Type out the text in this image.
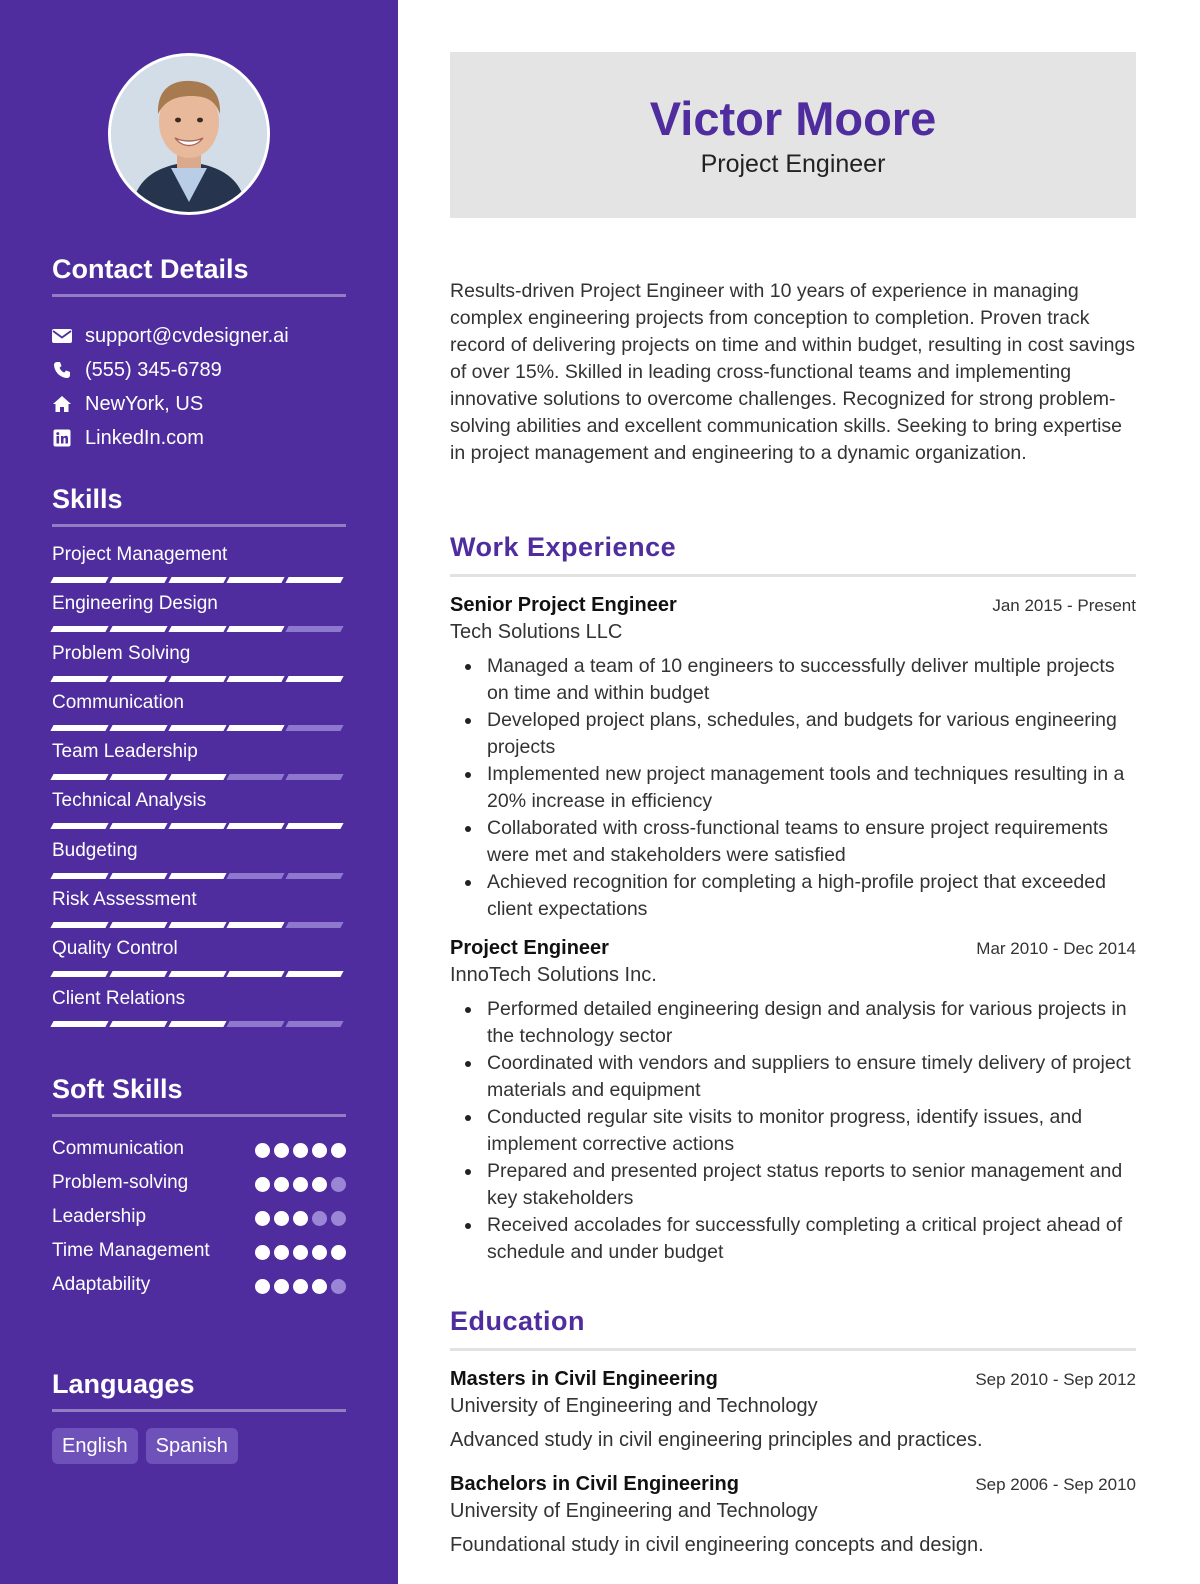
Contact Details
support@cvdesigner.ai
(555) 345-6789
NewYork, US
LinkedIn.com
Skills
Project Management
Engineering Design
Problem Solving
Communication
Team Leadership
Technical Analysis
Budgeting
Risk Assessment
Quality Control
Client Relations
Soft Skills
Communication
Problem-solving
Leadership
Time Management
Adaptability
Languages
English	Spanish
Victor Moore
Project Engineer

Results-driven Project Engineer with 10 years of experience in managing complex engineering projects from conception to completion. Proven track record of delivering projects on time and within budget, resulting in cost savings of over 15%. Skilled in leading cross-functional teams and implementing innovative solutions to overcome challenges. Recognized for strong problem-solving abilities and excellent communication skills. Seeking to bring expertise in project management and engineering to a dynamic organization.

Work Experience
Senior Project Engineer	Jan 2015 - Present
Tech Solutions LLC
Managed a team of 10 engineers to successfully deliver multiple projects on time and within budget
Developed project plans, schedules, and budgets for various engineering projects
Implemented new project management tools and techniques resulting in a 20% increase in efficiency
Collaborated with cross-functional teams to ensure project requirements were met and stakeholders were satisfied
Achieved recognition for completing a high-profile project that exceeded client expectations
Project Engineer	Mar 2010 - Dec 2014
InnoTech Solutions Inc.
Performed detailed engineering design and analysis for various projects in the technology sector
Coordinated with vendors and suppliers to ensure timely delivery of project materials and equipment
Conducted regular site visits to monitor progress, identify issues, and implement corrective actions
Prepared and presented project status reports to senior management and key stakeholders
Received accolades for successfully completing a critical project ahead of schedule and under budget
Education
Masters in Civil Engineering	Sep 2010 - Sep 2012
University of Engineering and Technology
Advanced study in civil engineering principles and practices.
Bachelors in Civil Engineering	Sep 2006 - Sep 2010
University of Engineering and Technology
Foundational study in civil engineering concepts and design.
